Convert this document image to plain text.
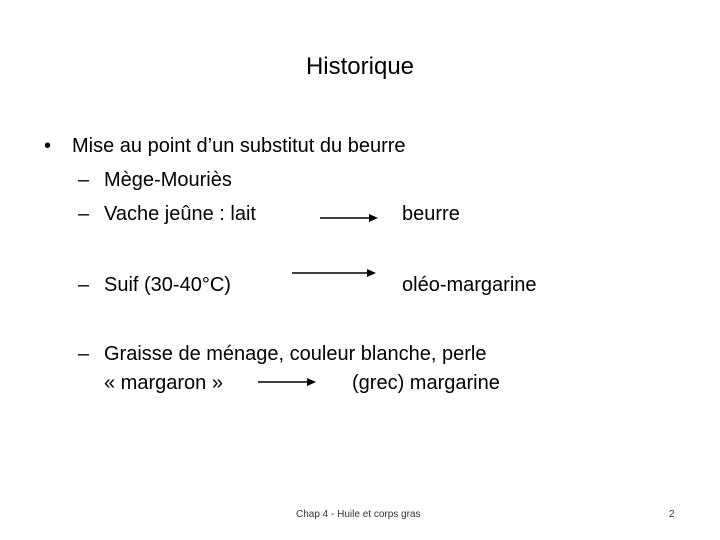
Historique
• Mise au point d’un substitut du beurre
– Mège-Mouriès
– Vache jeûne : lait	beurre
– Suif (30-40°C)	oléo-margarine
– Graisse de ménage, couleur blanche, perle
« margaron »	(grec) margarine
Chap 4 - Huile et corps gras	2
